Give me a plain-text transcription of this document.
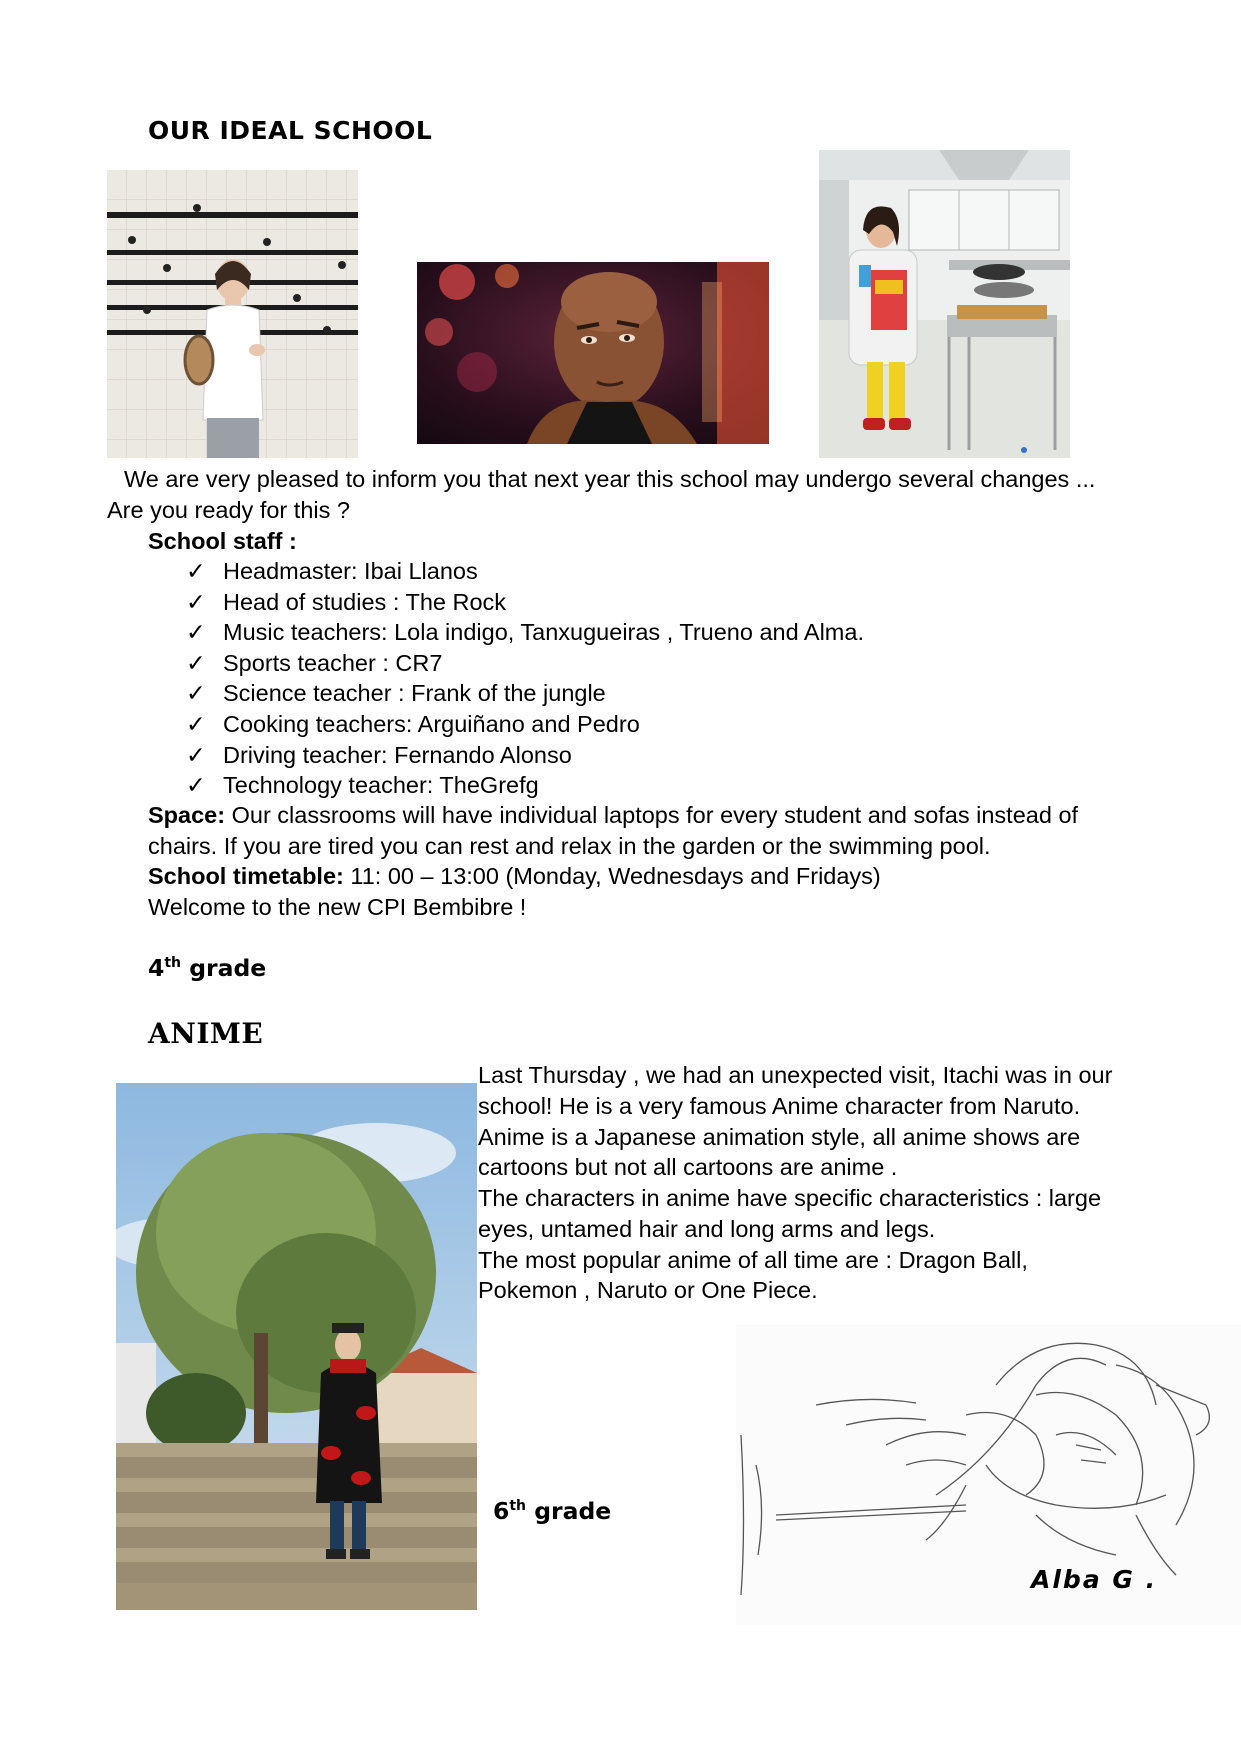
OUR IDEAL SCHOOL
We are very pleased to inform you that next year this school may undergo several changes ...
Are you ready for this ?
School staff :
✓ Headmaster: Ibai Llanos
✓ Head of studies : The Rock
✓ Music teachers: Lola indigo, Tanxugueiras , Trueno and Alma.
✓ Sports teacher : CR7
✓ Science teacher : Frank of the jungle
✓ Cooking teachers: Arguiñano and Pedro
✓ Driving teacher: Fernando Alonso
✓ Technology teacher: TheGrefg
Space: Our classrooms will have individual laptops for every student and sofas instead of
chairs. If you are tired you can rest and relax in the garden or the swimming pool.
School timetable: 11: 00 – 13:00 (Monday, Wednesdays and Fridays)
Welcome to the new CPI Bembibre !
4th grade
ANIME
Last Thursday , we had an unexpected visit, Itachi was in our
school! He is a very famous Anime character from Naruto.
Anime is a Japanese animation style, all anime shows are
cartoons but not all cartoons are anime .
The characters in anime have specific characteristics : large
eyes, untamed hair and long arms and legs.
The most popular anime of all time are : Dragon Ball,
Pokemon , Naruto or One Piece.
6th grade
Alba G .
